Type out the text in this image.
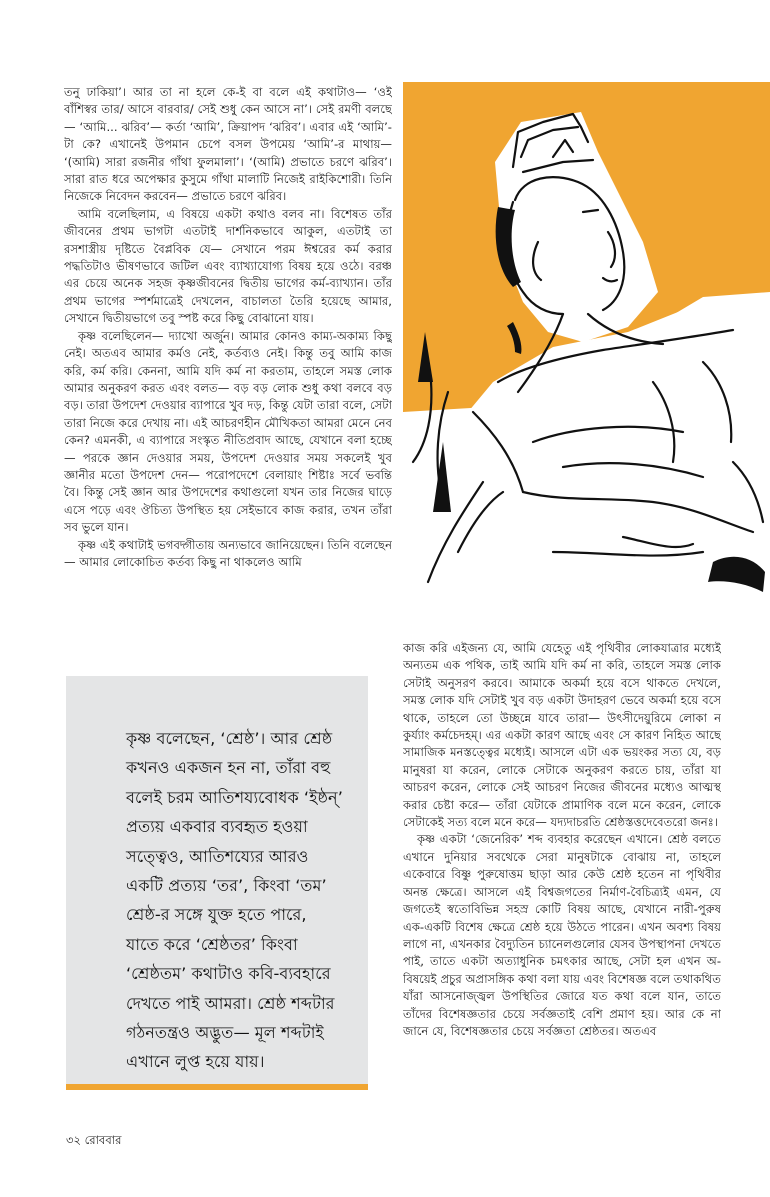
তনু ঢাকিয়া’। আর তা না হলে কে-ই বা বলে এই কথাটাও— ‘ওই বাঁশিস্বর তার/ আসে বারবার/ সেই শুধু কেন আসে না’। সেই রমণী বলছে— ‘আমি... ঝরিব’— কর্তা ‘আমি’, ক্রিয়াপদ ‘ঝরিব’। এবার এই ‘আমি’-টা কে? এখানেই উপমান চেপে বসল উপমেয় ‘আমি’-র মাথায়— ‘(আমি) সারা রজনীর গাঁথা ফুলমালা’। ‘(আমি) প্রভাতে চরণে ঝরিব’। সারা রাত ধরে অপেক্ষার কুসুমে গাঁথা মালাটি নিজেই রাইকিশোরী। তিনি নিজেকে নিবেদন করবেন— প্রভাতে চরণে ঝরিব।

আমি বলেছিলাম, এ বিষয়ে একটা কথাও বলব না। বিশেষত তাঁর জীবনের প্রথম ভাগটা এতটাই দার্শনিকভাবে আকুল, এতটাই তা রসশাস্ত্রীয় দৃষ্টিতে বৈপ্লবিক যে— সেখানে পরম ঈশ্বরের কর্ম করার পদ্ধতিটাও ভীষণভাবে জটিল এবং ব্যাখ্যাযোগ্য বিষয় হয়ে ওঠে। বরঞ্চ এর চেয়ে অনেক সহজ কৃষ্ণজীবনের দ্বিতীয় ভাগের কর্ম-ব্যাখ্যান। তাঁর প্রথম ভাগের স্পর্শমাত্রেই দেখলেন, বাচালতা তৈরি হয়েছে আমার, সেখানে দ্বিতীয়ভাগে তবু স্পষ্ট করে কিছু বোঝানো যায়।

কৃষ্ণ বলেছিলেন— দ্যাখো অর্জুন। আমার কোনও কাম্য-অকাম্য কিছু নেই। অতএব আমার কর্মও নেই, কর্তব্যও নেই। কিন্তু তবু আমি কাজ করি, কর্ম করি। কেননা, আমি যদি কর্ম না করতাম, তাহলে সমস্ত লোক আমার অনুকরণ করত এবং বলত— বড় বড় লোক শুধু কথা বলবে বড় বড়। তারা উপদেশ দেওয়ার ব্যাপারে খুব দড়, কিন্তু যেটা তারা বলে, সেটা তারা নিজে করে দেখায় না। এই আচরণহীন মৌখিকতা আমরা মেনে নেব কেন? এমনকী, এ ব্যাপারে সংস্কৃত নীতিপ্রবাদ আছে, যেখানে বলা হচ্ছে— পরকে জ্ঞান দেওয়ার সময়, উপদেশ দেওয়ার সময় সকলেই খুব জ্ঞানীর মতো উপদেশ দেন— পরোপদেশে বেলায়াং শিষ্টাঃ সর্বে ভবন্তি বৈ। কিন্তু সেই জ্ঞান আর উপদেশের কথাগুলো যখন তার নিজের ঘাড়ে এসে পড়ে এবং ঔচিত্য উপস্থিত হয় সেইভাবে কাজ করার, তখন তাঁরা সব ভুলে যান।

কৃষ্ণ এই কথাটাই ভগবদ্গীতায় অন্যভাবে জানিয়েছেন। তিনি বলেছেন— আমার লোকোচিত কর্তব্য কিছু না থাকলেও আমি

কৃষ্ণ বলেছেন, ‘শ্রেষ্ঠ’। আর শ্রেষ্ঠ কখনও একজন হন না, তাঁরা বহু বলেই চরম আতিশয্যবোধক ‘ইষ্ঠন্’ প্রত্যয় একবার ব্যবহৃত হওয়া সত্ত্বেও, আতিশয্যের আরও একটি প্রত্যয় ‘তর’, কিংবা ‘তম’ শ্রেষ্ঠ-র সঙ্গে যুক্ত হতে পারে, যাতে করে ‘শ্রেষ্ঠতর’ কিংবা ‘শ্রেষ্ঠতম’ কথাটাও কবি-ব্যবহারে দেখতে পাই আমরা। শ্রেষ্ঠ শব্দটার গঠনতন্ত্রও অদ্ভুত— মূল শব্দটাই এখানে লুপ্ত হয়ে যায়।

কাজ করি এইজন্য যে, আমি যেহেতু এই পৃথিবীর লোকযাত্রার মধ্যেই অন্যতম এক পথিক, তাই আমি যদি কর্ম না করি, তাহলে সমস্ত লোক সেটাই অনুসরণ করবে। আমাকে অকর্মা হয়ে বসে থাকতে দেখলে, সমস্ত লোক যদি সেটাই খুব বড় একটা উদাহরণ ভেবে অকর্মা হয়ে বসে থাকে, তাহলে তো উচ্ছন্নে যাবে তারা— উৎসীদেয়ুরিমে লোকা ন কুর্য্যাং কর্মচেদহম্। এর একটা কারণ আছে এবং সে কারণ নিহিত আছে সামাজিক মনস্তত্ত্বের মধ্যেই। আসলে এটা এক ভয়ংকর সত্য যে, বড় মানুষরা যা করেন, লোকে সেটাকে অনুকরণ করতে চায়, তাঁরা যা আচরণ করেন, লোকে সেই আচরণ নিজের জীবনের মধ্যেও আত্মস্থ করার চেষ্টা করে— তাঁরা যেটাকে প্রামাণিক বলে মনে করেন, লোকে সেটাকেই সত্য বলে মনে করে— যদ্যদাচরতি শ্রেষ্ঠস্তত্তদেবেতরো জনঃ।

কৃষ্ণ একটা ‘জেনেরিক’ শব্দ ব্যবহার করেছেন এখানে। শ্রেষ্ঠ বলতে এখানে দুনিয়ার সবথেকে সেরা মানুষটাকে বোঝায় না, তাহলে একেবারে বিষ্ণু পুরুষোত্তম ছাড়া আর কেউ শ্রেষ্ঠ হতেন না পৃথিবীর অনন্ত ক্ষেত্রে। আসলে এই বিশ্বজগতের নির্মাণ-বৈচিত্র্যই এমন, যে জগতেই স্বতোবিভিন্ন সহস্র কোটি বিষয় আছে, যেখানে নারী-পুরুষ এক-একটি বিশেষ ক্ষেত্রে শ্রেষ্ঠ হয়ে উঠতে পারেন। এখন অবশ্য বিষয় লাগে না, এখনকার বৈদ্যুতিন চ্যানেলগুলোর যেসব উপস্থাপনা দেখতে পাই, তাতে একটা অত্যাধুনিক চমৎকার আছে, সেটা হল এখন অ-বিষয়েই প্রচুর অপ্রাসঙ্গিক কথা বলা যায় এবং বিশেষজ্ঞ বলে তথাকথিত যাঁরা আসনোজ্জ্বল উপস্থিতির জোরে যত কথা বলে যান, তাতে তাঁদের বিশেষজ্ঞতার চেয়ে সর্বজ্ঞতাই বেশি প্রমাণ হয়। আর কে না জানে যে, বিশেষজ্ঞতার চেয়ে সর্বজ্ঞতা শ্রেষ্ঠতর। অতএব

৩২ রোববার
